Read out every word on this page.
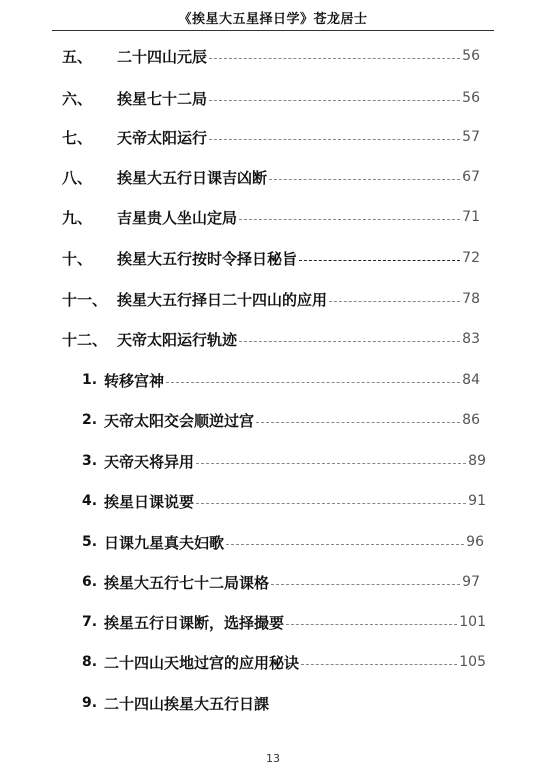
《挨星大五星择日学》苍龙居士
五、	二十四山元辰	56
六、	挨星七十二局	56
七、	天帝太阳运行	57
八、	挨星大五行日课吉凶断	67
九、	吉星贵人坐山定局	71
十、	挨星大五行按时令择日秘旨	72
十一、 挨星大五行择日二十四山的应用	78
十二、 天帝太阳运行轨迹	83
1. 转移宫神	84
2. 天帝太阳交会顺逆过宫	86
3. 天帝天将异用	89
4. 挨星日课说要	91
5. 日课九星真夫妇歌	96
6. 挨星大五行七十二局课格	97
7. 挨星五行日课断，选择撮要	101
8. 二十四山天地过宫的应用秘诀	105
9. 二十四山挨星大五行日課
13
